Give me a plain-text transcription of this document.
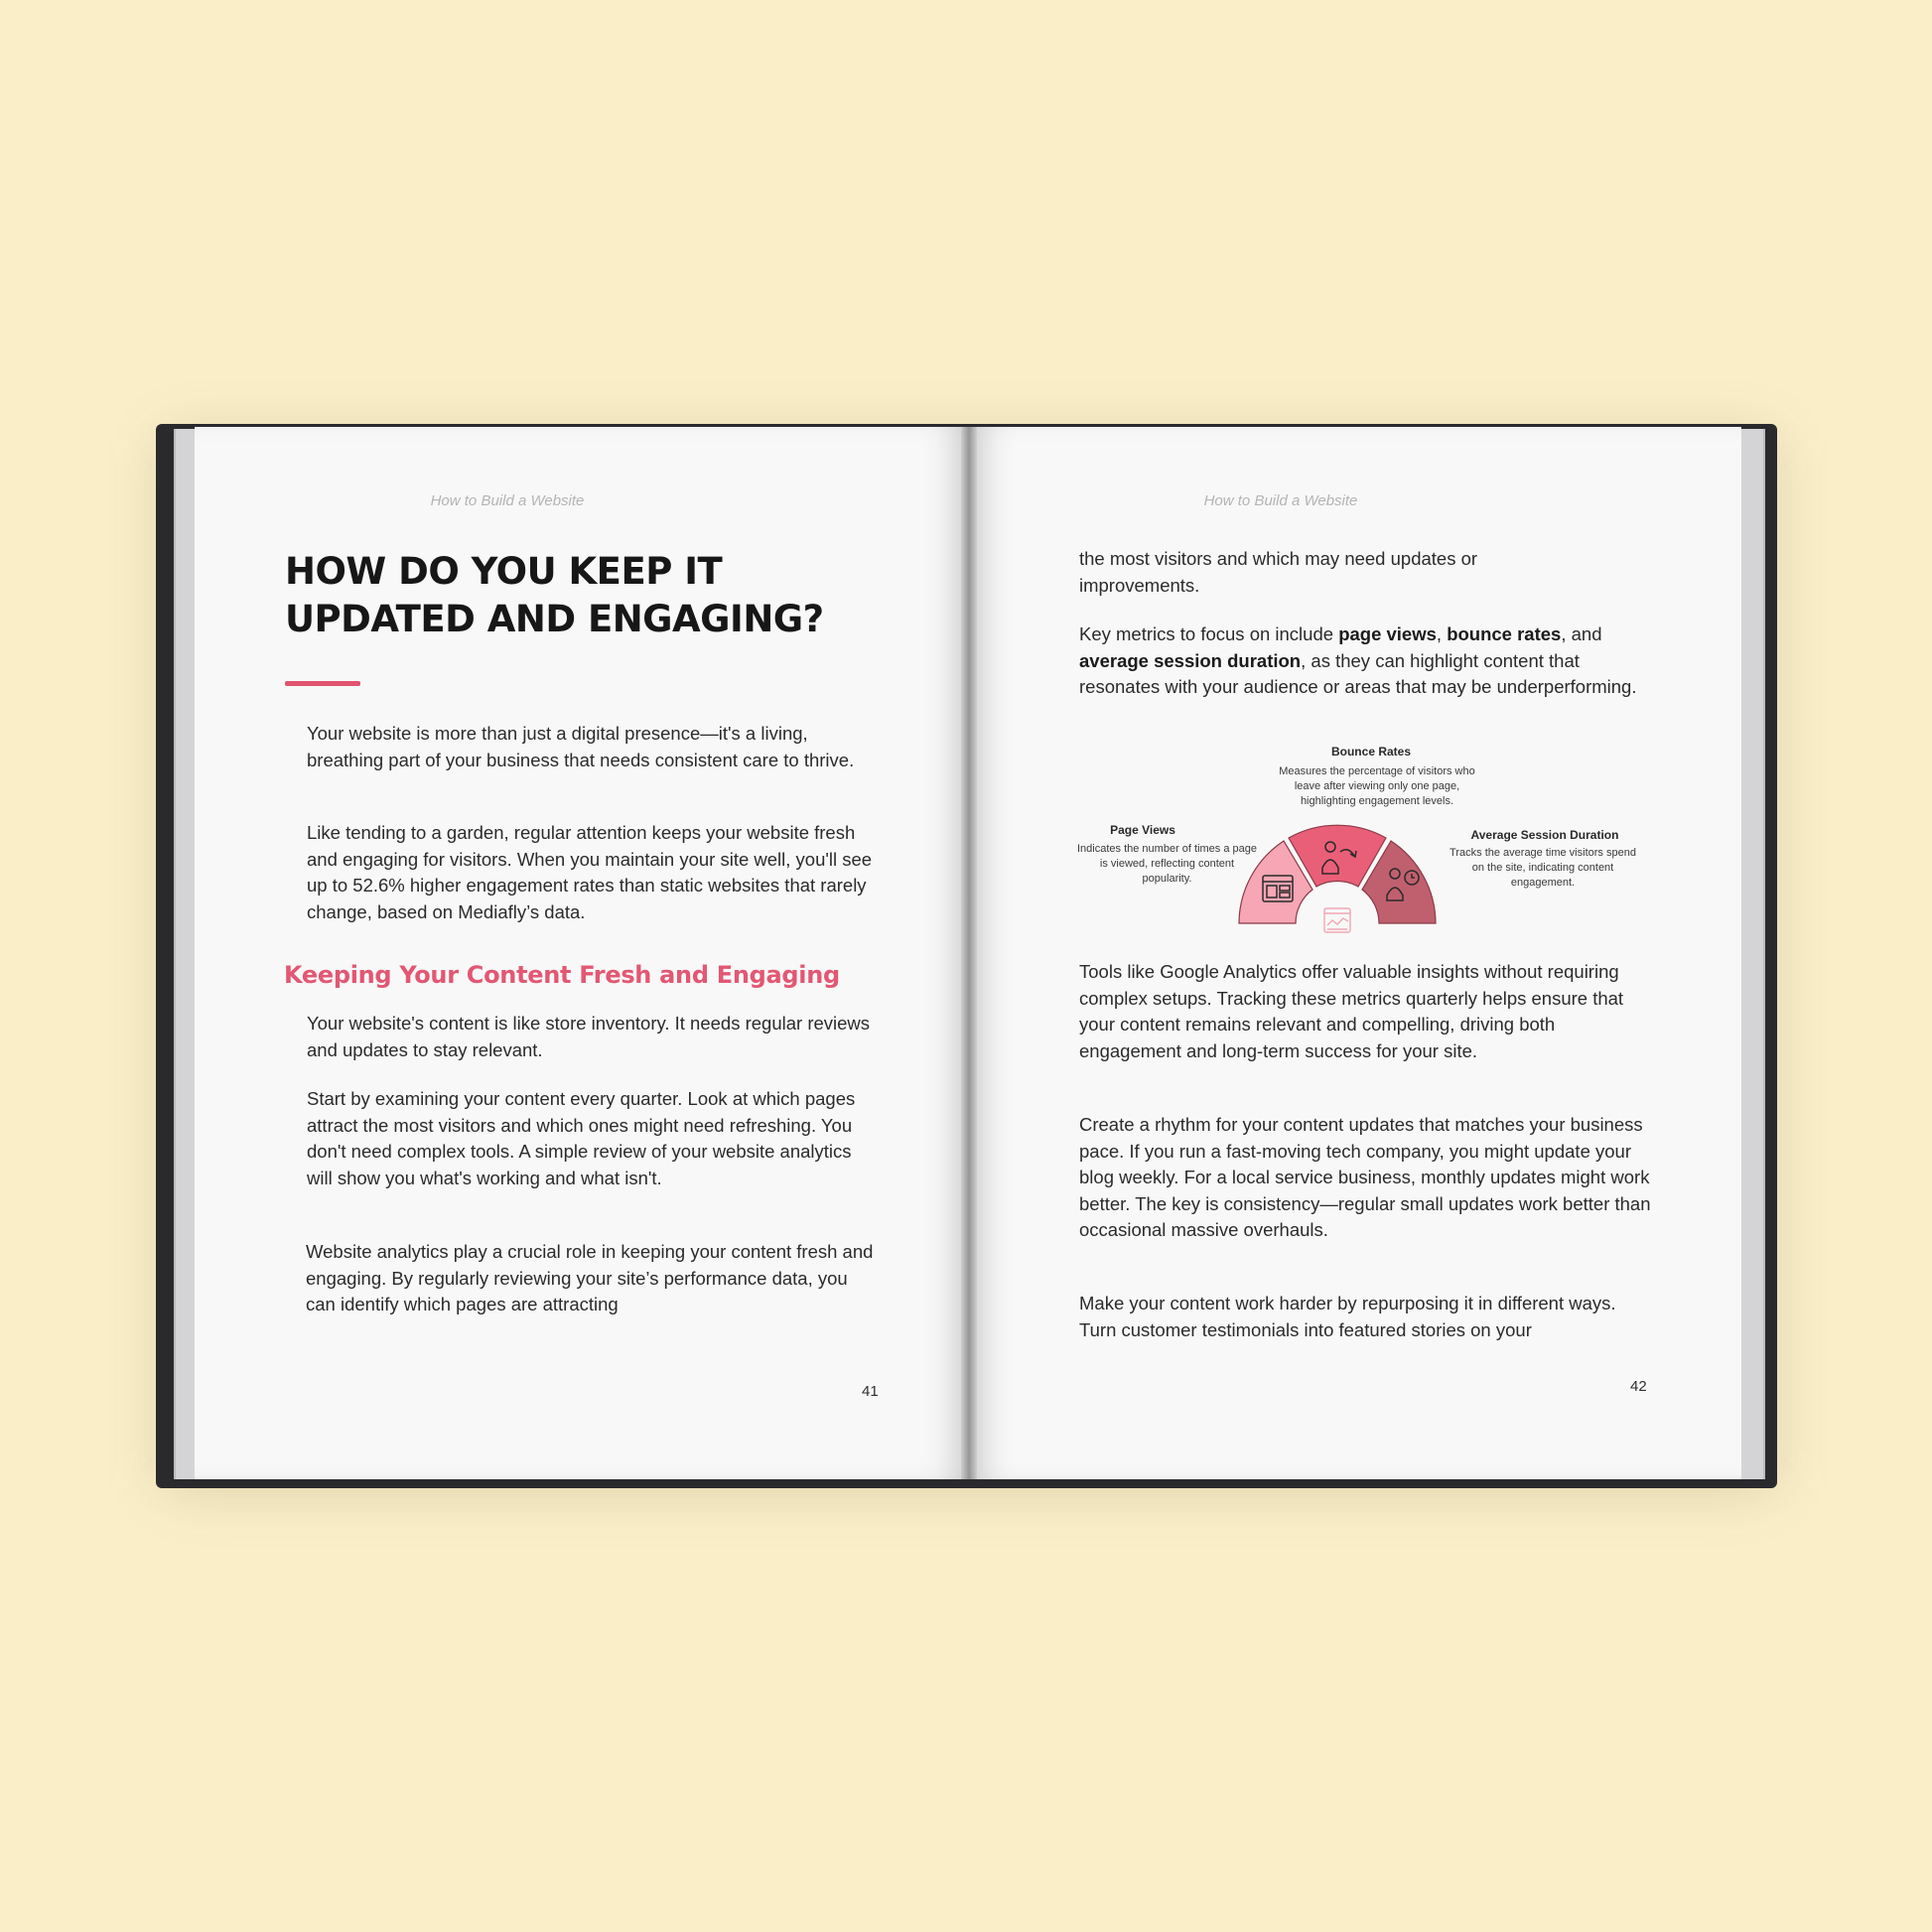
How to Build a Website
HOW DO YOU KEEP IT
UPDATED AND ENGAGING?

Your website is more than just a digital presence—it's a living, breathing part of your business that needs consistent care to thrive.

Like tending to a garden, regular attention keeps your website fresh and engaging for visitors. When you maintain your site well, you'll see up to 52.6% higher engagement rates than static websites that rarely change, based on Mediafly’s data.

Keeping Your Content Fresh and Engaging

Your website's content is like store inventory. It needs regular reviews and updates to stay relevant.

Start by examining your content every quarter. Look at which pages attract the most visitors and which ones might need refreshing. You don't need complex tools. A simple review of your website analytics will show you what's working and what isn't.

Website analytics play a crucial role in keeping your content fresh and engaging. By regularly reviewing your site’s performance data, you can identify which pages are attracting

41
How to Build a Website

the most visitors and which may need updates or improvements.

Key metrics to focus on include page views, bounce rates, and average session duration, as they can highlight content that resonates with your audience or areas that may be underperforming.

Bounce Rates
Measures the percentage of visitors who leave after viewing only one page, highlighting engagement levels.
Page Views
Indicates the number of times a page is viewed, reflecting content popularity.
Average Session Duration
Tracks the average time visitors spend on the site, indicating content engagement.

Tools like Google Analytics offer valuable insights without requiring complex setups. Tracking these metrics quarterly helps ensure that your content remains relevant and compelling, driving both engagement and long-term success for your site.

Create a rhythm for your content updates that matches your business pace. If you run a fast-moving tech company, you might update your blog weekly. For a local service business, monthly updates might work better. The key is consistency—regular small updates work better than occasional massive overhauls.

Make your content work harder by repurposing it in different ways. Turn customer testimonials into featured stories on your

42
